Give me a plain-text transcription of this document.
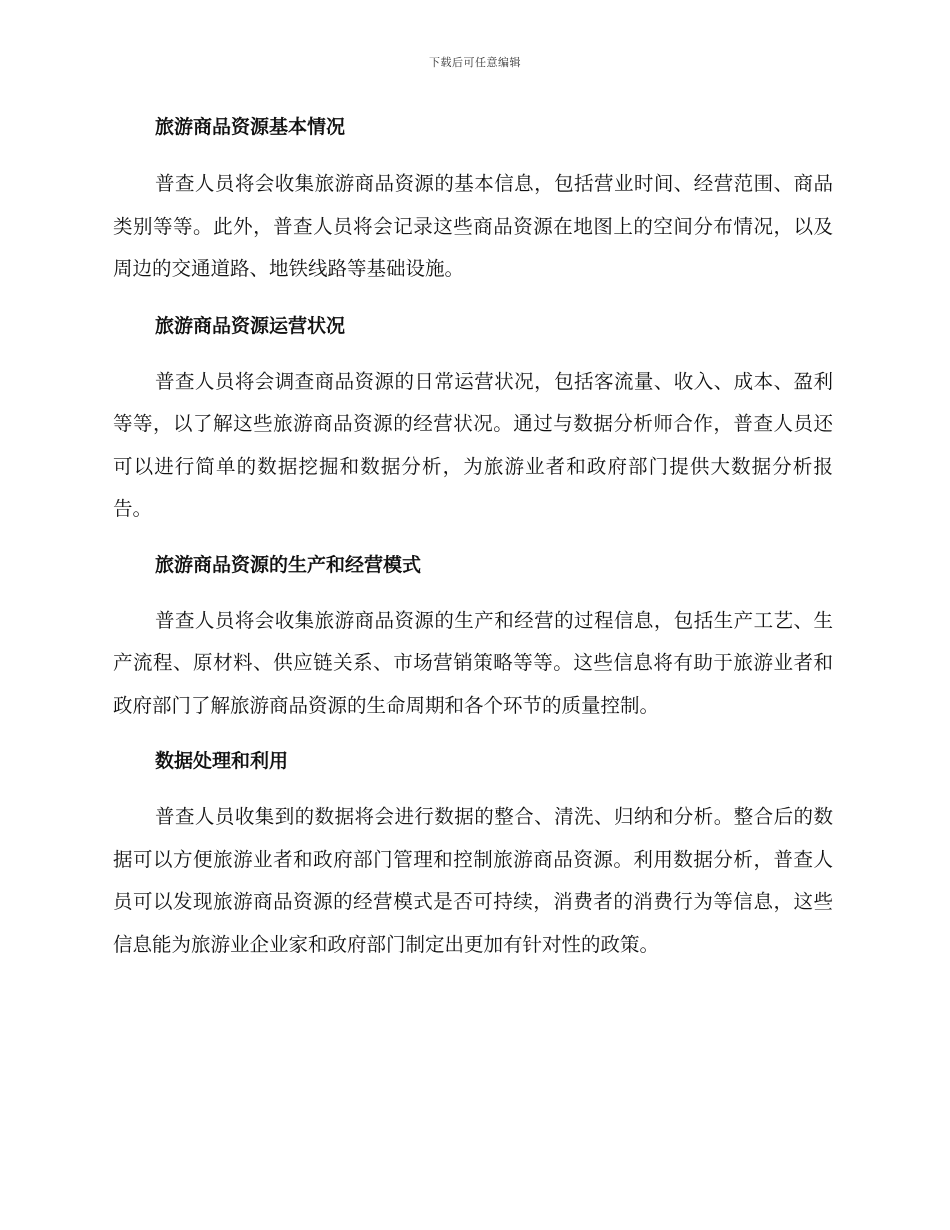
下载后可任意编辑
旅游商品资源基本情况

普查人员将会收集旅游商品资源的基本信息，包括营业时间、经营范围、商品类别等等。此外，普查人员将会记录这些商品资源在地图上的空间分布情况，以及周边的交通道路、地铁线路等基础设施。

旅游商品资源运营状况

普查人员将会调查商品资源的日常运营状况，包括客流量、收入、成本、盈利等等，以了解这些旅游商品资源的经营状况。通过与数据分析师合作，普查人员还可以进行简单的数据挖掘和数据分析，为旅游业者和政府部门提供大数据分析报告。

旅游商品资源的生产和经营模式

普查人员将会收集旅游商品资源的生产和经营的过程信息，包括生产工艺、生产流程、原材料、供应链关系、市场营销策略等等。这些信息将有助于旅游业者和政府部门了解旅游商品资源的生命周期和各个环节的质量控制。

数据处理和利用

普查人员收集到的数据将会进行数据的整合、清洗、归纳和分析。整合后的数据可以方便旅游业者和政府部门管理和控制旅游商品资源。利用数据分析，普查人员可以发现旅游商品资源的经营模式是否可持续，消费者的消费行为等信息，这些信息能为旅游业企业家和政府部门制定出更加有针对性的政策。
